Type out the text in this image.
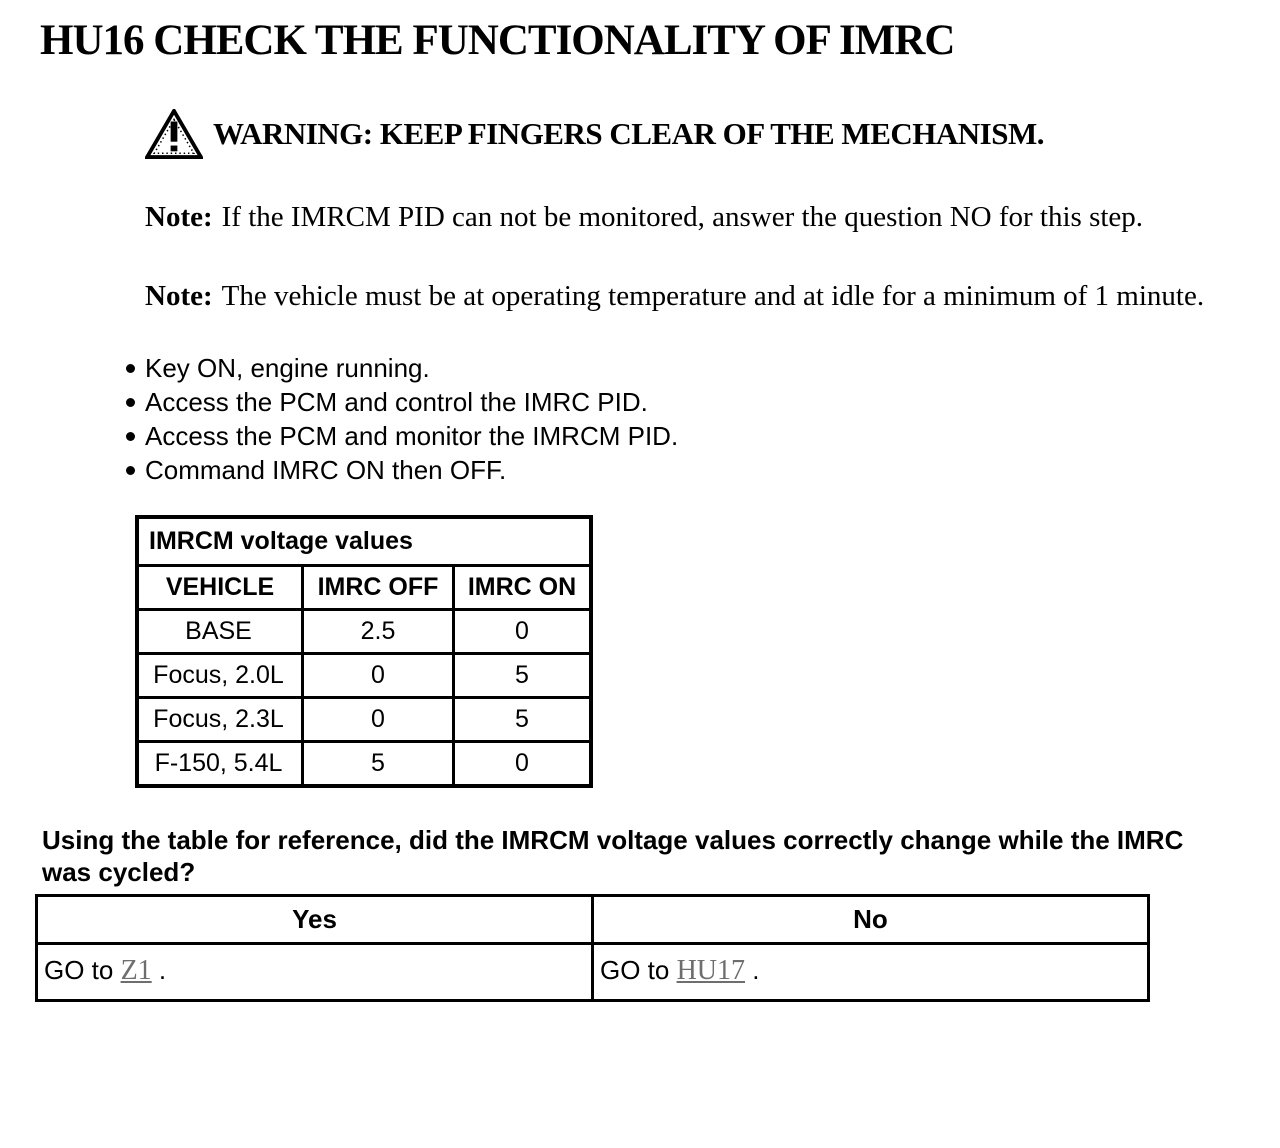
HU16 CHECK THE FUNCTIONALITY OF IMRC
WARNING: KEEP FINGERS CLEAR OF THE MECHANISM.

Note: If the IMRCM PID can not be monitored, answer the question NO for this step.

Note: The vehicle must be at operating temperature and at idle for a minimum of 1 minute.

Key ON, engine running.
Access the PCM and control the IMRC PID.
Access the PCM and monitor the IMRCM PID.
Command IMRC ON then OFF.
IMRCM voltage values		
VEHICLE	IMRC OFF	IMRC ON
BASE	2.5	0
Focus, 2.0L	0	5
Focus, 2.3L	0	5
F-150, 5.4L	5	0

Using the table for reference, did the IMRCM voltage values correctly change while the IMRC was cycled?

Yes	No
GO to Z1 .	GO to HU17 .
